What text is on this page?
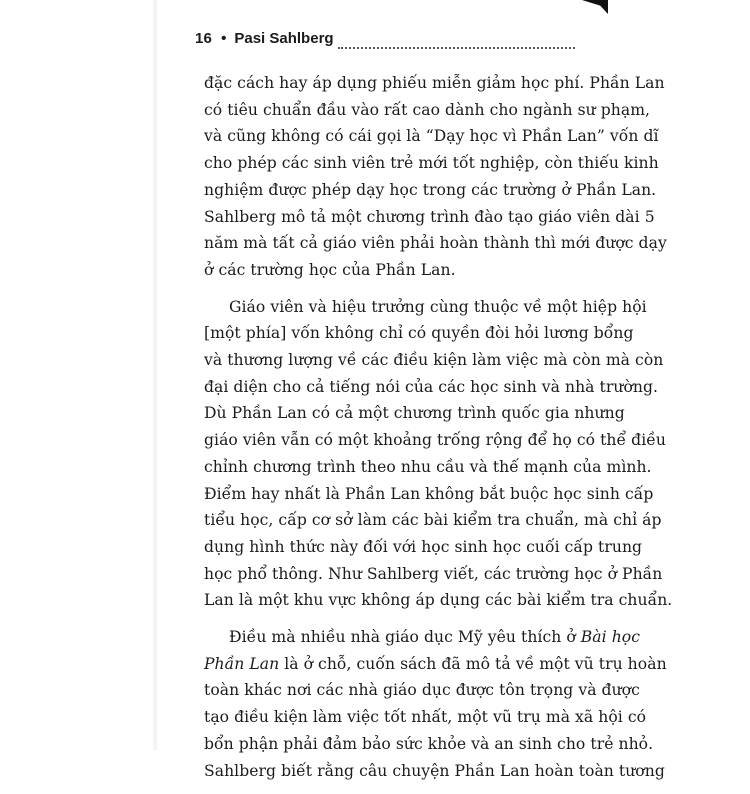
16 • Pasi Sahlberg
đặc cách hay áp dụng phiếu miễn giảm học phí. Phần Lan
có tiêu chuẩn đầu vào rất cao dành cho ngành sư phạm,
và cũng không có cái gọi là “Dạy học vì Phần Lan” vốn dĩ
cho phép các sinh viên trẻ mới tốt nghiệp, còn thiếu kinh
nghiệm được phép dạy học trong các trường ở Phần Lan.
Sahlberg mô tả một chương trình đào tạo giáo viên dài 5
năm mà tất cả giáo viên phải hoàn thành thì mới được dạy
ở các trường học của Phần Lan.
Giáo viên và hiệu trưởng cùng thuộc về một hiệp hội
[một phía] vốn không chỉ có quyền đòi hỏi lương bổng
và thương lượng về các điều kiện làm việc mà còn mà còn
đại diện cho cả tiếng nói của các học sinh và nhà trường.
Dù Phần Lan có cả một chương trình quốc gia nhưng
giáo viên vẫn có một khoảng trống rộng để họ có thể điều
chỉnh chương trình theo nhu cầu và thế mạnh của mình.
Điểm hay nhất là Phần Lan không bắt buộc học sinh cấp
tiểu học, cấp cơ sở làm các bài kiểm tra chuẩn, mà chỉ áp
dụng hình thức này đối với học sinh học cuối cấp trung
học phổ thông. Như Sahlberg viết, các trường học ở Phần
Lan là một khu vực không áp dụng các bài kiểm tra chuẩn.
Điều mà nhiều nhà giáo dục Mỹ yêu thích ở Bài học
Phần Lan là ở chỗ, cuốn sách đã mô tả về một vũ trụ hoàn
toàn khác nơi các nhà giáo dục được tôn trọng và được
tạo điều kiện làm việc tốt nhất, một vũ trụ mà xã hội có
bổn phận phải đảm bảo sức khỏe và an sinh cho trẻ nhỏ.
Sahlberg biết rằng câu chuyện Phần Lan hoàn toàn tương
